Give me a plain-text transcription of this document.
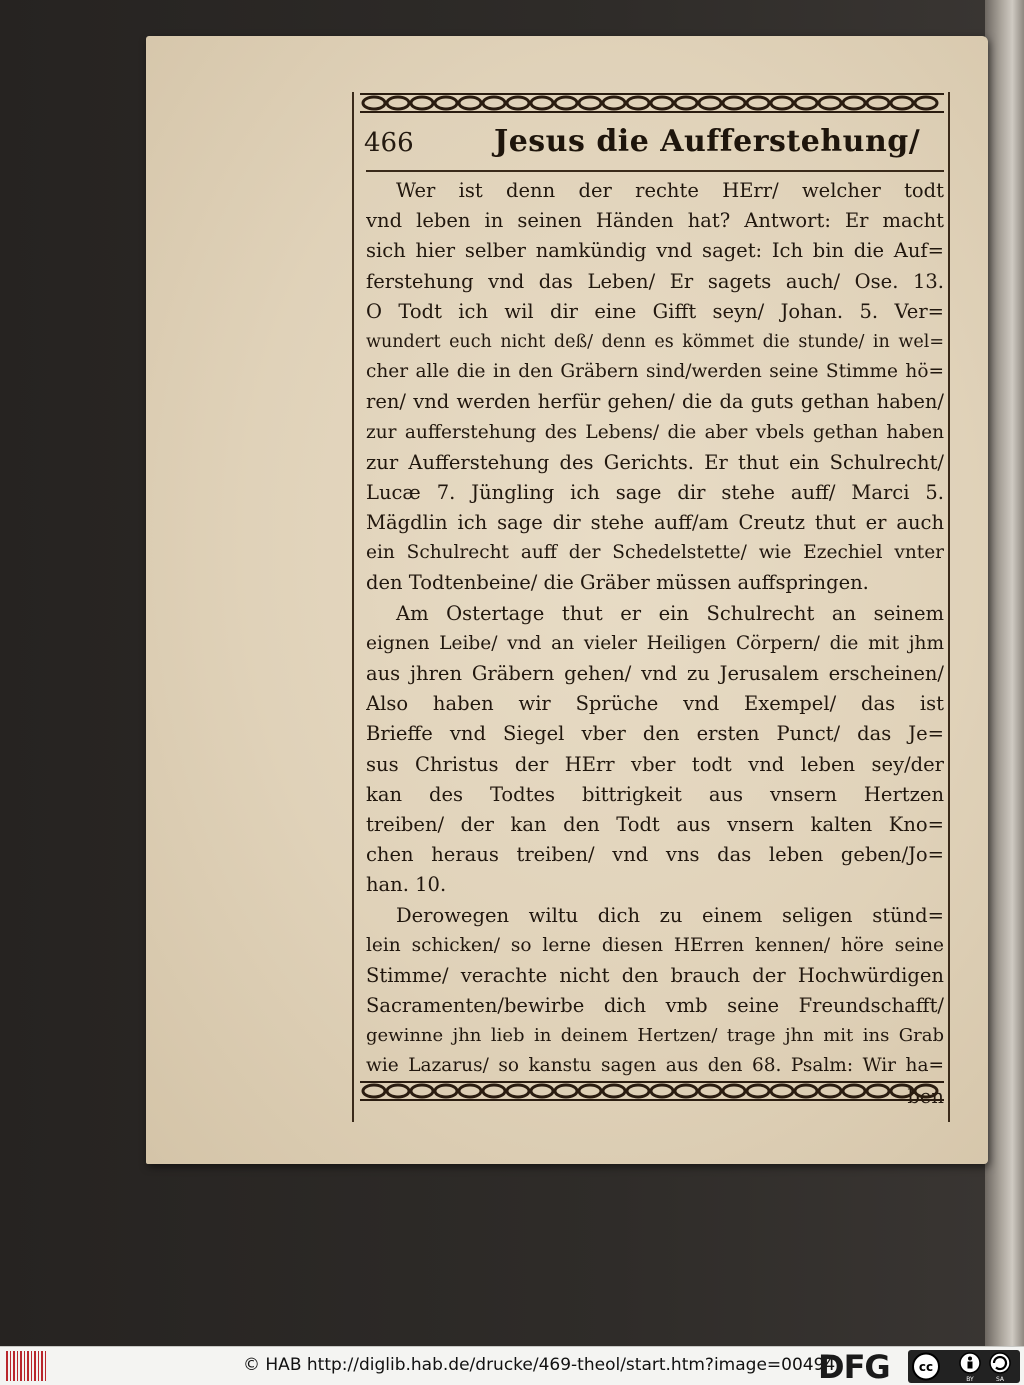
466	Jesus die Aufferstehung/
Wer ist denn der rechte HErr/ welcher todt
vnd leben in seinen Händen hat? Antwort: Er macht
sich hier selber namkündig vnd saget: Ich bin die Auf=
ferstehung vnd das Leben/ Er sagets auch/ Ose. 13.
O Todt ich wil dir eine Gifft seyn/ Johan. 5. Ver=
wundert euch nicht deß/ denn es kömmet die stunde/ in wel=
cher alle die in den Gräbern sind/werden seine Stimme hö=
ren/ vnd werden herfür gehen/ die da guts gethan haben/
zur aufferstehung des Lebens/ die aber vbels gethan haben
zur Aufferstehung des Gerichts. Er thut ein Schulrecht/
Lucæ 7. Jüngling ich sage dir stehe auff/ Marci 5.
Mägdlin ich sage dir stehe auff/am Creutz thut er auch
ein Schulrecht auff der Schedelstette/ wie Ezechiel vnter
den Todtenbeine/ die Gräber müssen auffspringen.
Am Ostertage thut er ein Schulrecht an seinem
eignen Leibe/ vnd an vieler Heiligen Cörpern/ die mit jhm
aus jhren Gräbern gehen/ vnd zu Jerusalem erscheinen/
Also haben wir Sprüche vnd Exempel/ das ist
Brieffe vnd Siegel vber den ersten Punct/ das Je=
sus Christus der HErr vber todt vnd leben sey/der
kan des Todtes bittrigkeit aus vnsern Hertzen
treiben/ der kan den Todt aus vnsern kalten Kno=
chen heraus treiben/ vnd vns das leben geben/Jo=
han. 10.
Derowegen wiltu dich zu einem seligen stünd=
lein schicken/ so lerne diesen HErren kennen/ höre seine
Stimme/ verachte nicht den brauch der Hochwürdigen
Sacramenten/bewirbe dich vmb seine Freundschafft/
gewinne jhn lieb in deinem Hertzen/ trage jhn mit ins Grab
wie Lazarus/ so kanstu sagen aus den 68. Psalm: Wir ha=
ben
© HAB http://diglib.hab.de/drucke/469-theol/start.htm?image=00494
DFG cc
BY	SA
